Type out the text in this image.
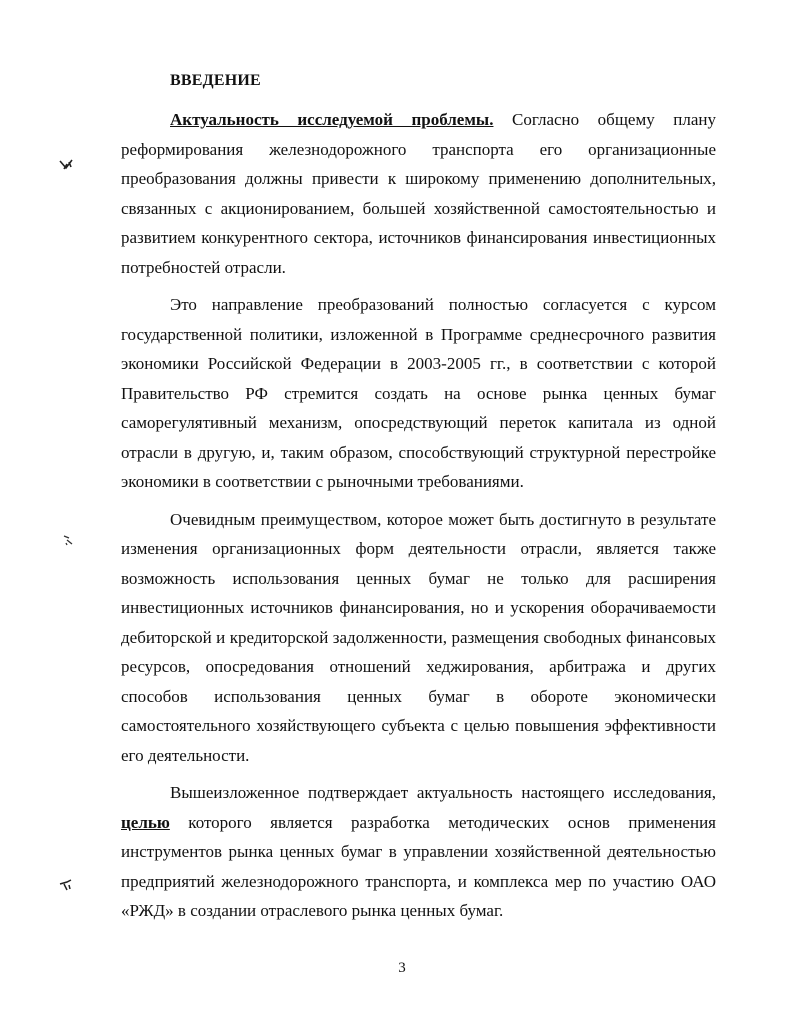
ВВЕДЕНИЕ

Актуальность исследуемой проблемы. Согласно общему плану реформирования железнодорожного транспорта его организационные преобразования должны привести к широкому применению дополнительных, связанных с акционированием, большей хозяйственной самостоятельностью и развитием конкурентного сектора, источников финансирования инвестиционных потребностей отрасли.

Это направление преобразований полностью согласуется с курсом государственной политики, изложенной в Программе среднесрочного развития экономики Российской Федерации в 2003-2005 гг., в соответствии с которой Правительство РФ стремится создать на основе рынка ценных бумаг саморегулятивный механизм, опосредствующий переток капитала из одной отрасли в другую, и, таким образом, способствующий структурной перестройке экономики в соответствии с рыночными требованиями.

Очевидным преимуществом, которое может быть достигнуто в результате изменения организационных форм деятельности отрасли, является также возможность использования ценных бумаг не только для расширения инвестиционных источников финансирования, но и ускорения оборачиваемости дебиторской и кредиторской задолженности, размещения свободных финансовых ресурсов, опосредования отношений хеджирования, арбитража и других способов использования ценных бумаг в обороте экономически самостоятельного хозяйствующего субъекта с целью повышения эффективности его деятельности.

Вышеизложенное подтверждает актуальность настоящего исследования, целью которого является разработка методических основ применения инструментов рынка ценных бумаг в управлении хозяйственной деятельностью предприятий железнодорожного транспорта, и комплекса мер по участию ОАО «РЖД» в создании отраслевого рынка ценных бумаг.

3
